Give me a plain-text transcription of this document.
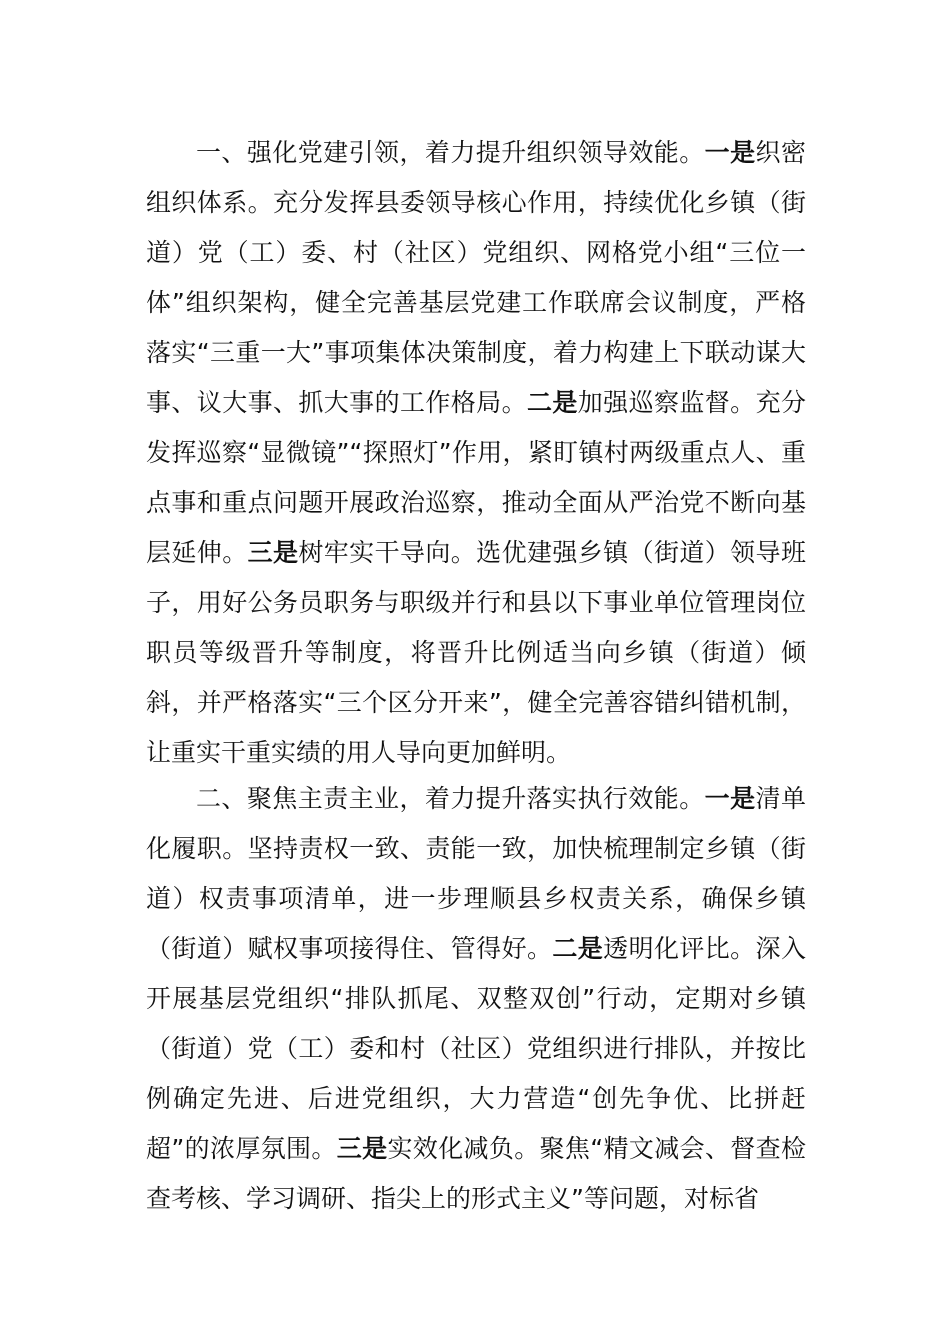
一、强化党建引领，着力提升组织领导效能。一是织密组织体系。充分发挥县委领导核心作用，持续优化乡镇（街道）党（工）委、村（社区）党组织、网格党小组“三位一体”组织架构，健全完善基层党建工作联席会议制度，严格落实“三重一大”事项集体决策制度，着力构建上下联动谋大事、议大事、抓大事的工作格局。二是加强巡察监督。充分发挥巡察“显微镜”“探照灯”作用，紧盯镇村两级重点人、重点事和重点问题开展政治巡察，推动全面从严治党不断向基层延伸。三是树牢实干导向。选优建强乡镇（街道）领导班子，用好公务员职务与职级并行和县以下事业单位管理岗位职员等级晋升等制度，将晋升比例适当向乡镇（街道）倾斜，并严格落实“三个区分开来”，健全完善容错纠错机制，让重实干重实绩的用人导向更加鲜明。

二、聚焦主责主业，着力提升落实执行效能。一是清单化履职。坚持责权一致、责能一致，加快梳理制定乡镇（街道）权责事项清单，进一步理顺县乡权责关系，确保乡镇（街道）赋权事项接得住、管得好。二是透明化评比。深入开展基层党组织“排队抓尾、双整双创”行动，定期对乡镇（街道）党（工）委和村（社区）党组织进行排队，并按比例确定先进、后进党组织，大力营造“创先争优、比拼赶超”的浓厚氛围。三是实效化减负。聚焦“精文减会、督查检查考核、学习调研、指尖上的形式主义”等问题，对标省
